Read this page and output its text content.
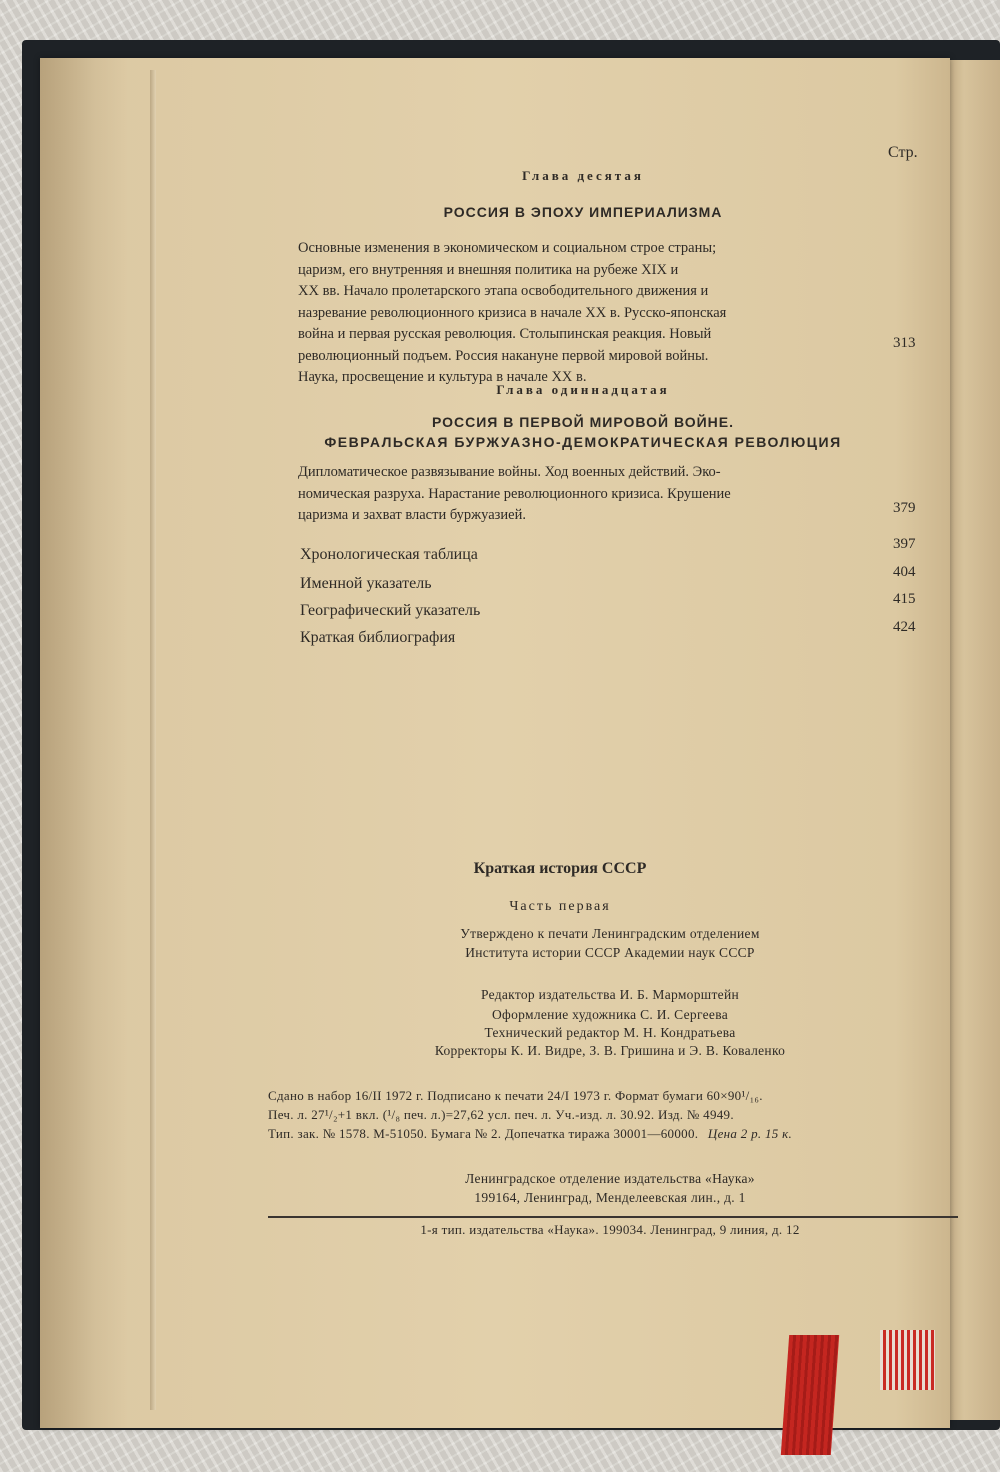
Стр.
Глава десятая
РОССИЯ В ЭПОХУ ИМПЕРИАЛИЗМА
Основные изменения в экономическом и социальном строе страны;
царизм, его внутренняя и внешняя политика на рубеже XIX и
XX вв. Начало пролетарского этапа освободительного движения и
назревание революционного кризиса в начале XX в. Русско-японская
война и первая русская революция. Столыпинская реакция. Новый
революционный подъем. Россия накануне первой мировой войны.
Наука, просвещение и культура в начале XX в.
313
Глава одиннадцатая
РОССИЯ В ПЕРВОЙ МИРОВОЙ ВОЙНЕ.
ФЕВРАЛЬСКАЯ БУРЖУАЗНО-ДЕМОКРАТИЧЕСКАЯ РЕВОЛЮЦИЯ
Дипломатическое развязывание войны. Ход военных действий. Эко-
номическая разруха. Нарастание революционного кризиса. Крушение
царизма и захват власти буржуазией.	379
Хронологическая таблица
397
Именной указатель
404
Географический указатель
415
Краткая библиография
424
Краткая история СССР
Часть первая
Утверждено к печати Ленинградским отделением
Института истории СССР Академии наук СССР
Редактор издательства И. Б. Марморштейн
Оформление художника С. И. Сергеева
Технический редактор М. Н. Кондратьева
Корректоры К. И. Видре, З. В. Гришина и Э. В. Коваленко
Сдано в набор 16/II 1972 г. Подписано к печати 24/I 1973 г. Формат бумаги 60×90¹/₁₆.
Печ. л. 27¹/₂+1 вкл. (¹/₈ печ. л.)=27,62 усл. печ. л. Уч.-изд. л. 30.92. Изд. № 4949.
Тип. зак. № 1578. М-51050. Бумага № 2. Допечатка тиража 30001—60000. Цена 2 р. 15 к.
Ленинградское отделение издательства «Наука»
199164, Ленинград, Менделеевская лин., д. 1
1-я тип. издательства «Наука». 199034. Ленинград, 9 линия, д. 12
